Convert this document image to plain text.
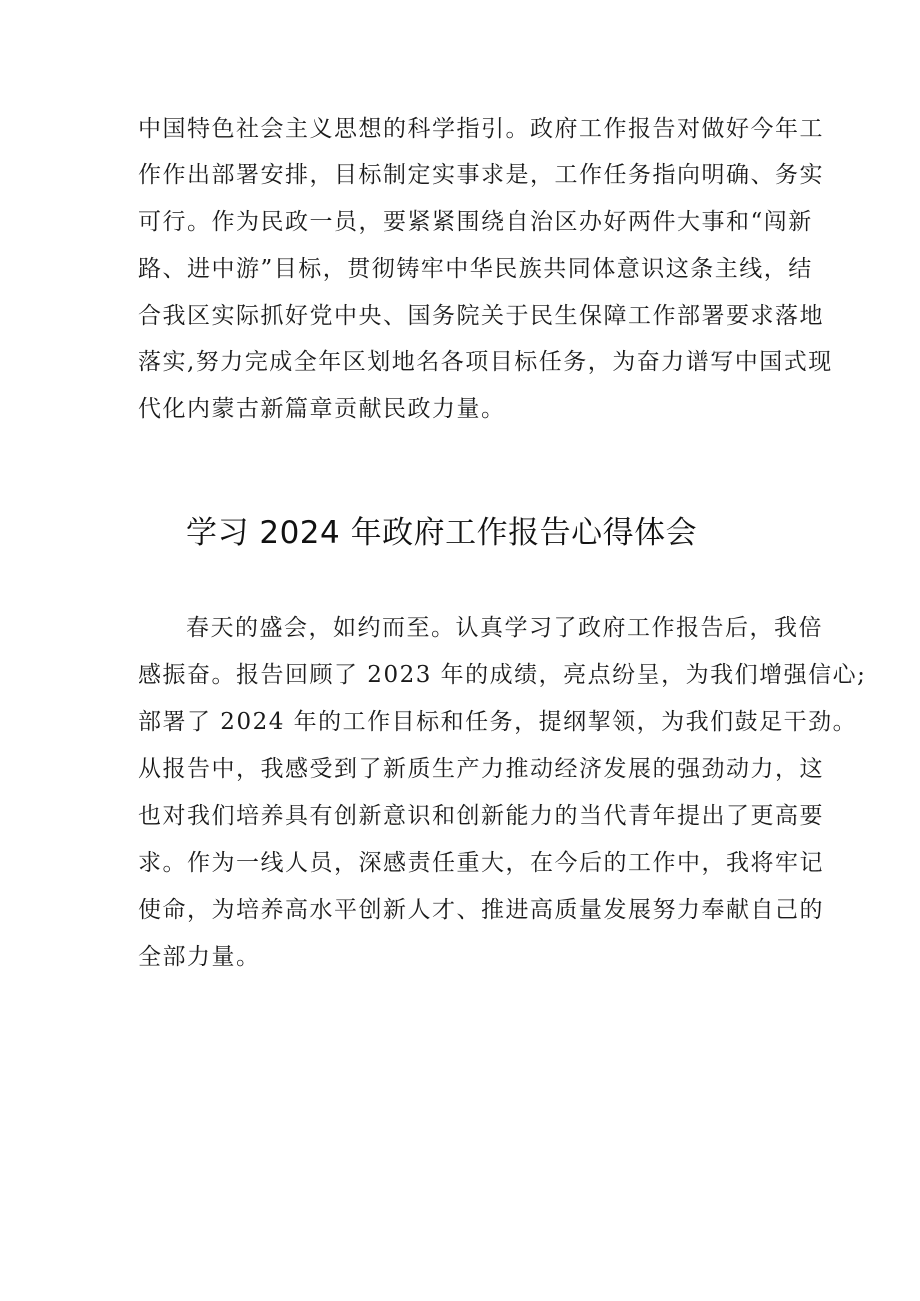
中国特色社会主义思想的科学指引。政府工作报告对做好今年工
作作出部署安排，目标制定实事求是，工作任务指向明确、务实
可行。作为民政一员，要紧紧围绕自治区办好两件大事和“闯新
路、进中游”目标，贯彻铸牢中华民族共同体意识这条主线，结
合我区实际抓好党中央、国务院关于民生保障工作部署要求落地
落实,努力完成全年区划地名各项目标任务，为奋力谱写中国式现
代化内蒙古新篇章贡献民政力量。
学习 2024 年政府工作报告心得体会
春天的盛会，如约而至。认真学习了政府工作报告后，我倍
感振奋。报告回顾了 2023 年的成绩，亮点纷呈，为我们增强信心;
部署了 2024 年的工作目标和任务，提纲挈领，为我们鼓足干劲。
从报告中，我感受到了新质生产力推动经济发展的强劲动力，这
也对我们培养具有创新意识和创新能力的当代青年提出了更高要
求。作为一线人员，深感责任重大，在今后的工作中，我将牢记
使命，为培养高水平创新人才、推进高质量发展努力奉献自己的
全部力量。
